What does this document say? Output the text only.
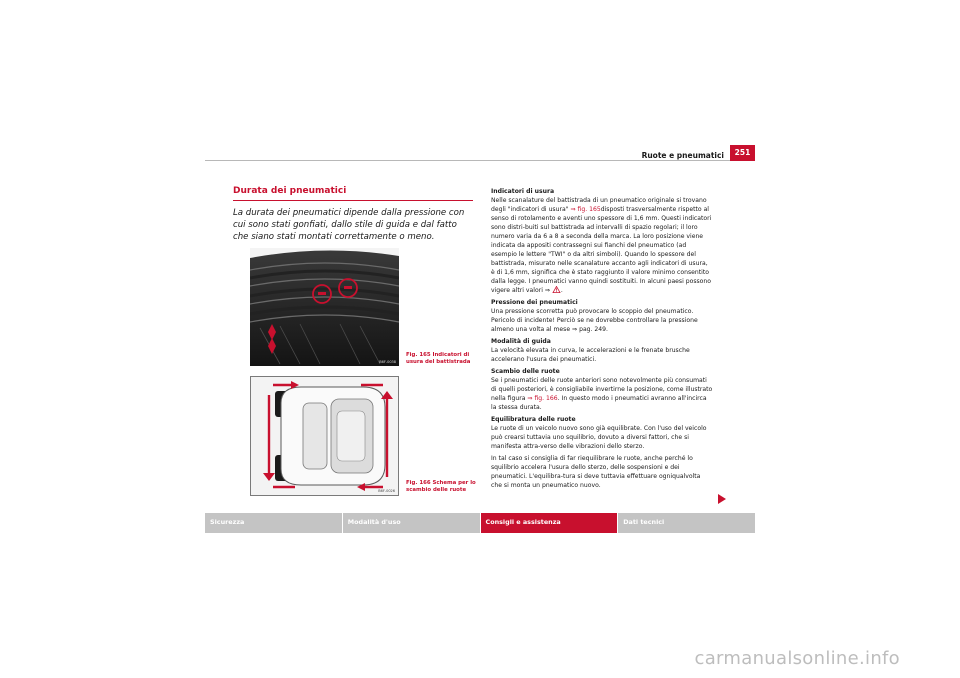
Ruote e pneumatici	251
Durata dei pneumatici
La durata dei pneumatici dipende dalla pressione con cui sono stati gonfiati, dallo stile di guida e dal fatto che siano stati montati correttamente o meno.
B6F-0038
Fig. 165 Indicatori di usura del battistrada
B6F-0026
Fig. 166 Schema per lo scambio delle ruote

Indicatori di usura

Nelle scanalature del battistrada di un pneumatico originale si trovano degli "indicatori di usura" ⇒ fig. 165disposti trasversalmente rispetto al senso di rotolamento e aventi uno spessore di 1,6 mm. Questi indicatori sono distri-buiti sul battistrada ad intervalli di spazio regolari; il loro numero varia da 6 a 8 a seconda della marca. La loro posizione viene indicata da appositi contrassegni sui fianchi del pneumatico (ad esempio le lettere "TWI" o da altri simboli). Quando lo spessore del battistrada, misurato nelle scanalature accanto agli indicatori di usura, è di 1,6 mm, significa che è stato raggiunto il valore minimo consentito dalla legge. I pneumatici vanno quindi sostituiti. In alcuni paesi possono vigere altri valori ⇒ .

Pressione dei pneumatici

Una pressione scorretta può provocare lo scoppio del pneumatico. Pericolo di incidente! Perciò se ne dovrebbe controllare la pressione almeno una volta al mese ⇒ pag. 249.

Modalità di guida

La velocità elevata in curva, le accelerazioni e le frenate brusche accelerano l'usura dei pneumatici.

Scambio delle ruote

Se i pneumatici delle ruote anteriori sono notevolmente più consumati di quelli posteriori, è consigliabile invertirne la posizione, come illustrato nella figura ⇒ fig. 166. In questo modo i pneumatici avranno all'incirca la stessa durata.

Equilibratura delle ruote

Le ruote di un veicolo nuovo sono già equilibrate. Con l'uso del veicolo può crearsi tuttavia uno squilibrio, dovuto a diversi fattori, che si manifesta attra-verso delle vibrazioni dello sterzo.

In tal caso si consiglia di far riequilibrare le ruote, anche perché lo squilibrio accelera l'usura dello sterzo, delle sospensioni e dei pneumatici. L'equilibra-tura si deve tuttavia effettuare ogniqualvolta che si monta un pneumatico nuovo.

Sicurezza	Modalità d'uso	Consigli e assistenza	Dati tecnici
carmanualsonline.info
